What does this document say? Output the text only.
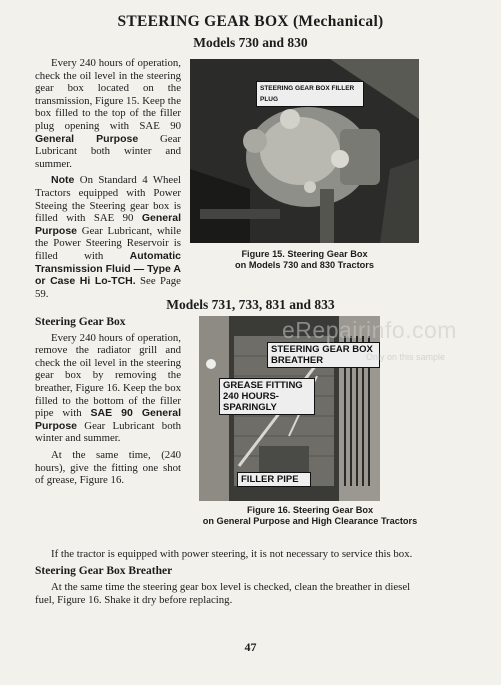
STEERING GEAR BOX (Mechanical)
Models 730 and 830

Every 240 hours of operation, check the oil level in the steering gear box located on the transmission, Figure 15. Keep the box filled to the top of the filler plug opening with SAE 90 General Purpose Gear Lubricant both winter and summer.

Note On Standard 4 Wheel Tractors equipped with Power Steeing the Steering gear box is filled with SAE 90 General Purpose Gear Lubricant, while the Power Steering Reservoir is filled with Automatic Transmission Fluid — Type A or Case Hi Lo-TCH. See Page 59.

STEERING GEAR BOX FILLER PLUG
Figure 15. Steering Gear Box
on Models 730 and 830 Tractors
Models 731, 733, 831 and 833

Steering Gear Box

Every 240 hours of operation, remove the radiator grill and check the oil level in the steering gear box by removing the breather, Figure 16. Keep the box filled to the bottom of the filler pipe with SAE 90 General Purpose Gear Lubricant both winter and summer.

At the same time, (240 hours), give the fitting one shot of grease, Figure 16.

STEERING GEAR BOX BREATHER
GREASE FITTING 240 HOURS- SPARINGLY
FILLER PIPE
eRepairinfo.com
Only on this sample
Figure 16. Steering Gear Box
on General Purpose and High Clearance Tractors

If the tractor is equipped with power steering, it is not necessary to service this box.

Steering Gear Box Breather

At the same time the steering gear box level is checked, clean the breather in diesel fuel, Figure 16. Shake it dry before replacing.

47
